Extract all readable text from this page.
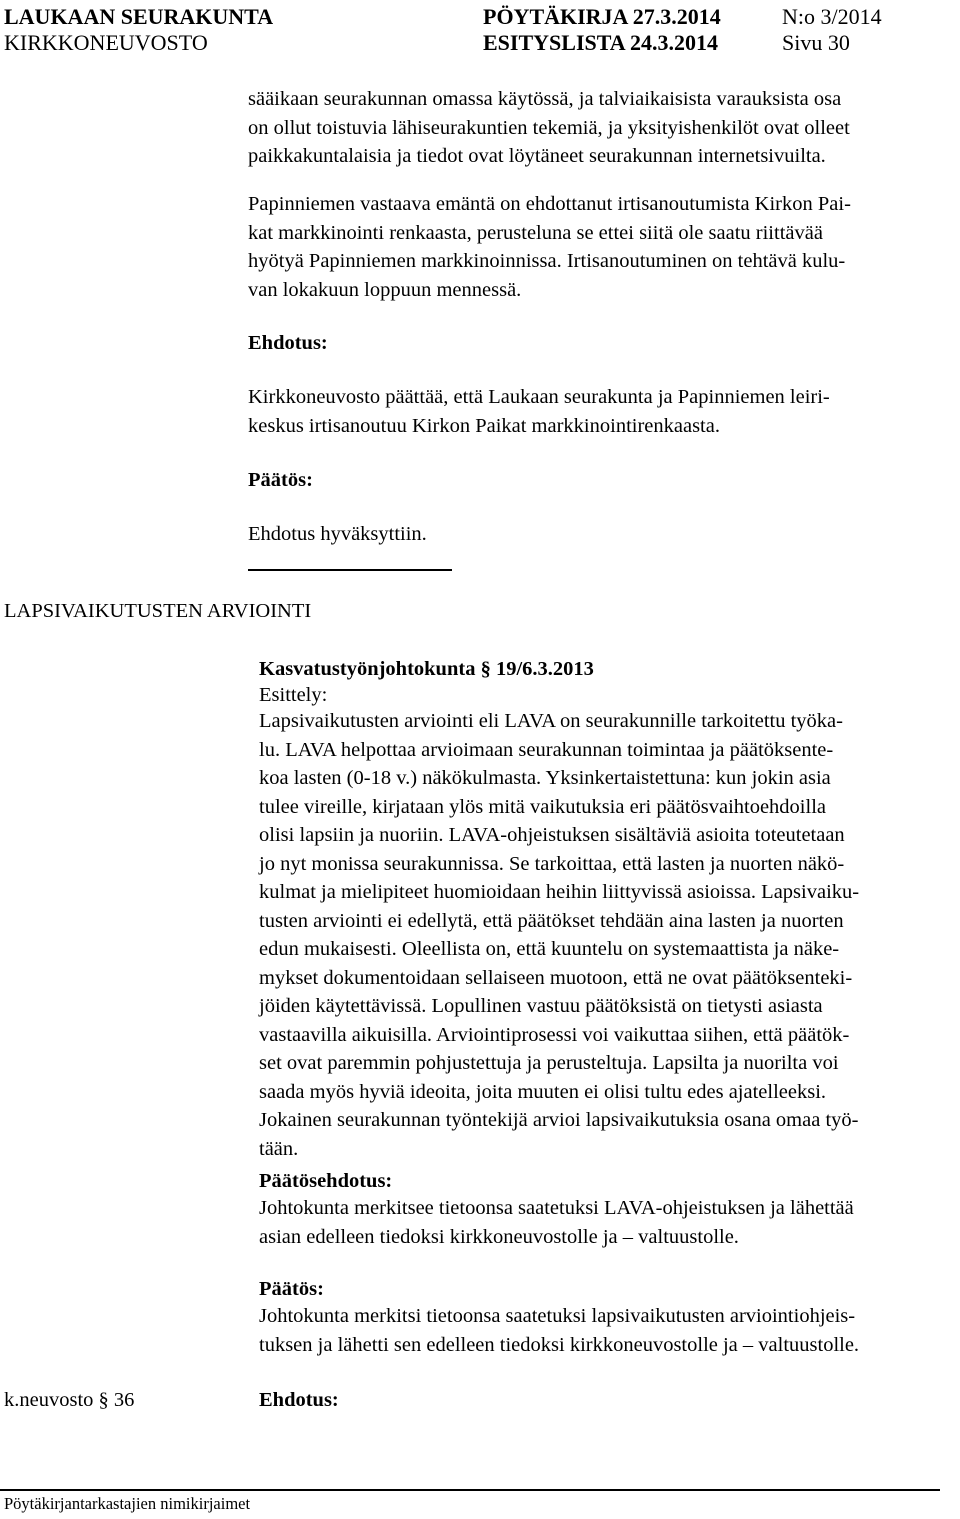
LAUKAAN SEURAKUNTA
KIRKKONEUVOSTO
PÖYTÄKIRJA 27.3.2014
ESITYSLISTA 24.3.2014
N:o 3/2014
Sivu 30
sääikaan seurakunnan omassa käytössä, ja talviaikaisista varauksista osa
on ollut toistuvia lähiseurakuntien tekemiä, ja yksityishenkilöt ovat olleet
paikkakuntalaisia ja tiedot ovat löytäneet seurakunnan internetsivuilta.
Papinniemen vastaava emäntä on ehdottanut irtisanoutumista Kirkon Pai-
kat markkinointi renkaasta, perusteluna se ettei siitä ole saatu riittävää
hyötyä Papinniemen markkinoinnissa. Irtisanoutuminen on tehtävä kulu-
van lokakuun loppuun mennessä.
Ehdotus:
Kirkkoneuvosto päättää, että Laukaan seurakunta ja Papinniemen leiri-
keskus irtisanoutuu Kirkon Paikat markkinointirenkaasta.
Päätös:
Ehdotus hyväksyttiin.
LAPSIVAIKUTUSTEN ARVIOINTI
Kasvatustyönjohtokunta § 19/6.3.2013
Esittely:
Lapsivaikutusten arviointi eli LAVA on seurakunnille tarkoitettu työka-
lu. LAVA helpottaa arvioimaan seurakunnan toimintaa ja päätöksente-
koa lasten (0-18 v.) näkökulmasta. Yksinkertaistettuna: kun jokin asia
tulee vireille, kirjataan ylös mitä vaikutuksia eri päätösvaihtoehdoilla
olisi lapsiin ja nuoriin. LAVA-ohjeistuksen sisältäviä asioita toteutetaan
jo nyt monissa seurakunnissa. Se tarkoittaa, että lasten ja nuorten näkö-
kulmat ja mielipiteet huomioidaan heihin liittyvissä asioissa. Lapsivaiku-
tusten arviointi ei edellytä, että päätökset tehdään aina lasten ja nuorten
edun mukaisesti. Oleellista on, että kuuntelu on systemaattista ja näke-
mykset dokumentoidaan sellaiseen muotoon, että ne ovat päätöksenteki-
jöiden käytettävissä. Lopullinen vastuu päätöksistä on tietysti asiasta
vastaavilla aikuisilla. Arviointiprosessi voi vaikuttaa siihen, että päätök-
set ovat paremmin pohjustettuja ja perusteltuja. Lapsilta ja nuorilta voi
saada myös hyviä ideoita, joita muuten ei olisi tultu edes ajatelleeksi.
Jokainen seurakunnan työntekijä arvioi lapsivaikutuksia osana omaa työ-
tään.
Päätösehdotus:
Johtokunta merkitsee tietoonsa saatetuksi LAVA-ohjeistuksen ja lähettää
asian edelleen tiedoksi kirkkoneuvostolle ja – valtuustolle.
Päätös:
Johtokunta merkitsi tietoonsa saatetuksi lapsivaikutusten arviointiohjeis-
tuksen ja lähetti sen edelleen tiedoksi kirkkoneuvostolle ja – valtuustolle.
k.neuvosto § 36	Ehdotus:
Pöytäkirjantarkastajien nimikirjaimet
